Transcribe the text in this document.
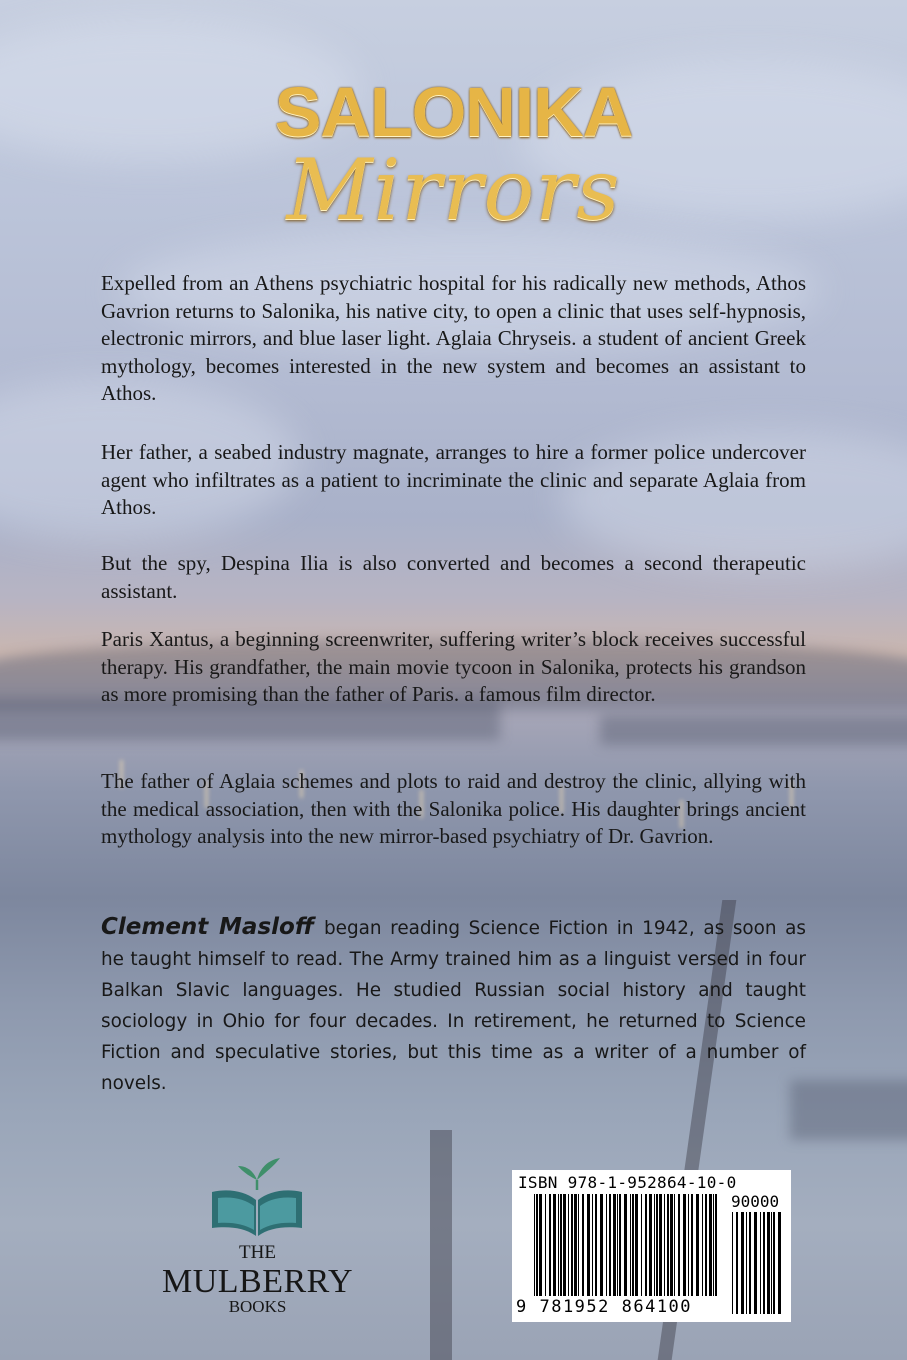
SALONIKA
Mirrors

Expelled from an Athens psychiatric hospital for his radically new methods, Athos Gavrion returns to Salonika, his native city, to open a clinic that uses self-hypnosis, electronic mirrors, and blue laser light. Aglaia Chryseis. a student of ancient Greek mythology, becomes interested in the new system and becomes an assistant to Athos.

Her father, a seabed industry magnate, arranges to hire a former police undercover agent who infiltrates as a patient to incriminate the clinic and separate Aglaia from Athos.

But the spy, Despina Ilia is also converted and becomes a second therapeutic assistant.

Paris Xantus, a beginning screenwriter, suffering writer’s block receives successful therapy. His grandfather, the main movie tycoon in Salonika, protects his grandson as more promising than the father of Paris. a famous film director.

The father of Aglaia schemes and plots to raid and destroy the clinic, allying with the medical association, then with the Salonika police. His daughter brings ancient mythology analysis into the new mirror-based psychiatry of Dr. Gavrion.

Clement Masloff began reading Science Fiction in 1942, as soon as he taught himself to read. The Army trained him as a linguist versed in four Balkan Slavic languages. He studied Russian social history and taught sociology in Ohio for four decades. In retirement, he returned to Science Fiction and speculative stories, but this time as a writer of a number of novels.

THE
MULBERRY
BOOKS
ISBN 978-1-952864-10-0
90000
9 781952 864100
